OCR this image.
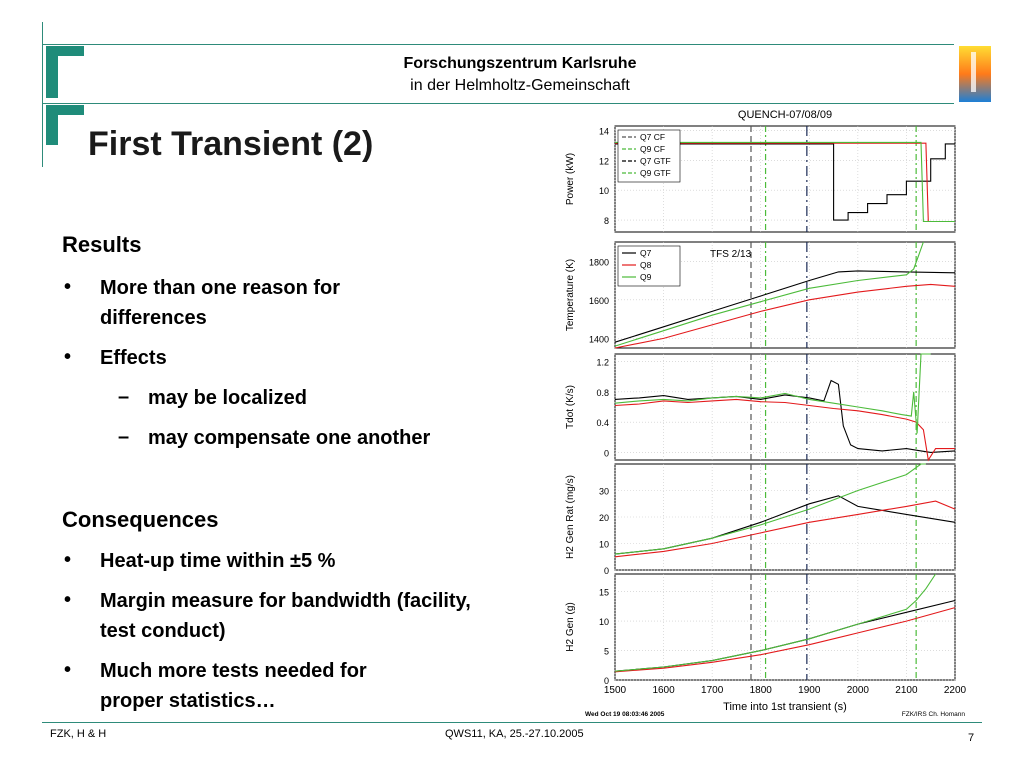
Forschungszentrum Karlsruhe
in der Helmholtz-Gemeinschaft
First Transient (2)
Results
• More than one reason for differences
• Effects
– may be localized
– may compensate one another
Consequences
• Heat-up time within ±5 %
• Margin measure for bandwidth (facility, test conduct)
• Much more tests needed for proper statistics…
QUENCH-07/08/09
8
10
12
14
Power (kW)
Q7 CF
Q9 CF
Q7 GTF
Q9 GTF
1400
1600
1800
Temperature (K)
Q7
Q8
Q9
TFS 2/13
0
0.4
0.8
1.2
Tdot (K/s)
0
10
20
30
H2 Gen Rat (mg/s)
0
5
10
15
H2 Gen (g)
1500	1600	1700	1800	1900	2000	2100	2200
Time into 1st transient (s)
Wed Oct 19 08:03:46 2005	FZK/IRS Ch. Homann
FZK, H & H	QWS11, KA, 25.-27.10.2005	7
